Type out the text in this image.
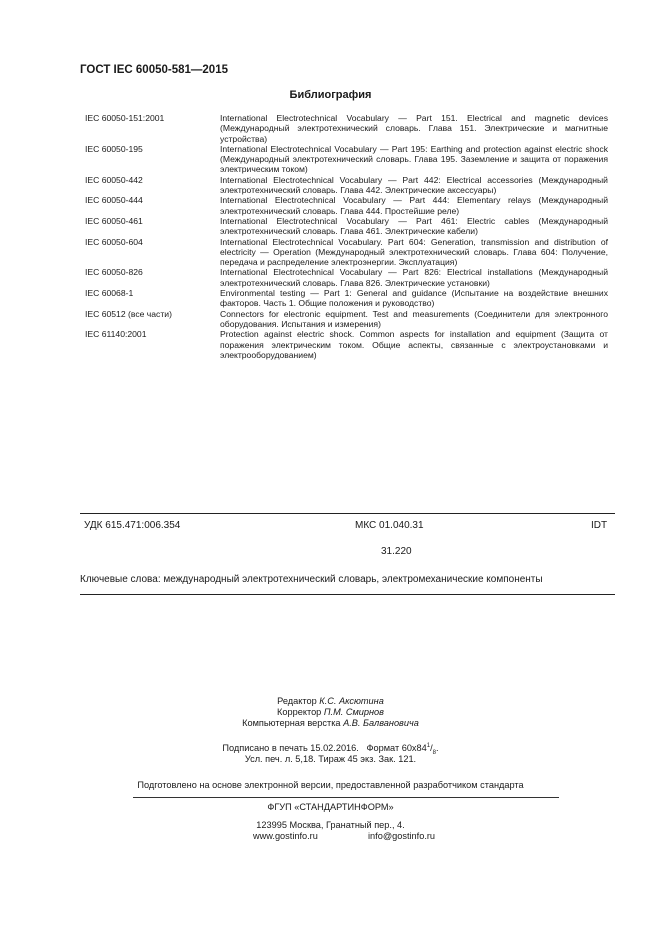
ГОСТ IEC 60050-581—2015
Библиография
IEC 60050-151:2001	International Electrotechnical Vocabulary — Part 151. Electrical and magnetic devices (Международный электротехнический словарь. Глава 151. Электрические и магнитные устройства)
IEC 60050-195	International Electrotechnical Vocabulary — Part 195: Earthing and protection against electric shock (Международный электротехнический словарь. Глава 195. Заземление и защита от поражения электрическим током)
IEC 60050-442	International Electrotechnical Vocabulary — Part 442: Electrical accessories (Международный электротехнический словарь. Глава 442. Электрические аксессуары)
IEC 60050-444	International Electrotechnical Vocabulary — Part 444: Elementary relays (Международный электротехнический словарь. Глава 444. Простейшие реле)
IEC 60050-461	International Electrotechnical Vocabulary — Part 461: Electric cables (Международный электротехнический словарь. Глава 461. Электрические кабели)
IEC 60050-604	International Electrotechnical Vocabulary. Part 604: Generation, transmission and distribution of electricity — Operation (Международный электротехнический словарь. Глава 604: Получение, передача и распределение электроэнергии. Эксплуатация)
IEC 60050-826	International Electrotechnical Vocabulary — Part 826: Electrical installations (Международный электротехнический словарь. Глава 826. Электрические установки)
IEC 60068-1	Environmental testing — Part 1: General and guidance (Испытание на воздействие внешних факторов. Часть 1. Общие положения и руководство)
IEC 60512 (все части)	Connectors for electronic equipment. Test and measurements (Соединители для электронного оборудования. Испытания и измерения)
IEC 61140:2001	Protection against electric shock. Common aspects for installation and equipment (Защита от поражения электрическим током. Общие аспекты, связанные с электроустановками и электрооборудованием)
УДК 615.471:006.354	МКС 01.040.31	IDT
31.220
Ключевые слова: международный электротехнический словарь, электромеханические компоненты
Редактор К.С. Аксютина
Корректор П.М. Смирнов
Компьютерная верстка А.В. Балвановича
Подписано в печать 15.02.2016. Формат $60x84^1/_8$.
Усл. печ. л. 5,18. Тираж 45 экз. Зак. 121.
Подготовлено на основе электронной версии, предоставленной разработчиком стандарта
ФГУП «СТАНДАРТИНФОРМ»
123995 Москва, Гранатный пер., 4.
www.gostinfo.ru	info@gostinfo.ru
